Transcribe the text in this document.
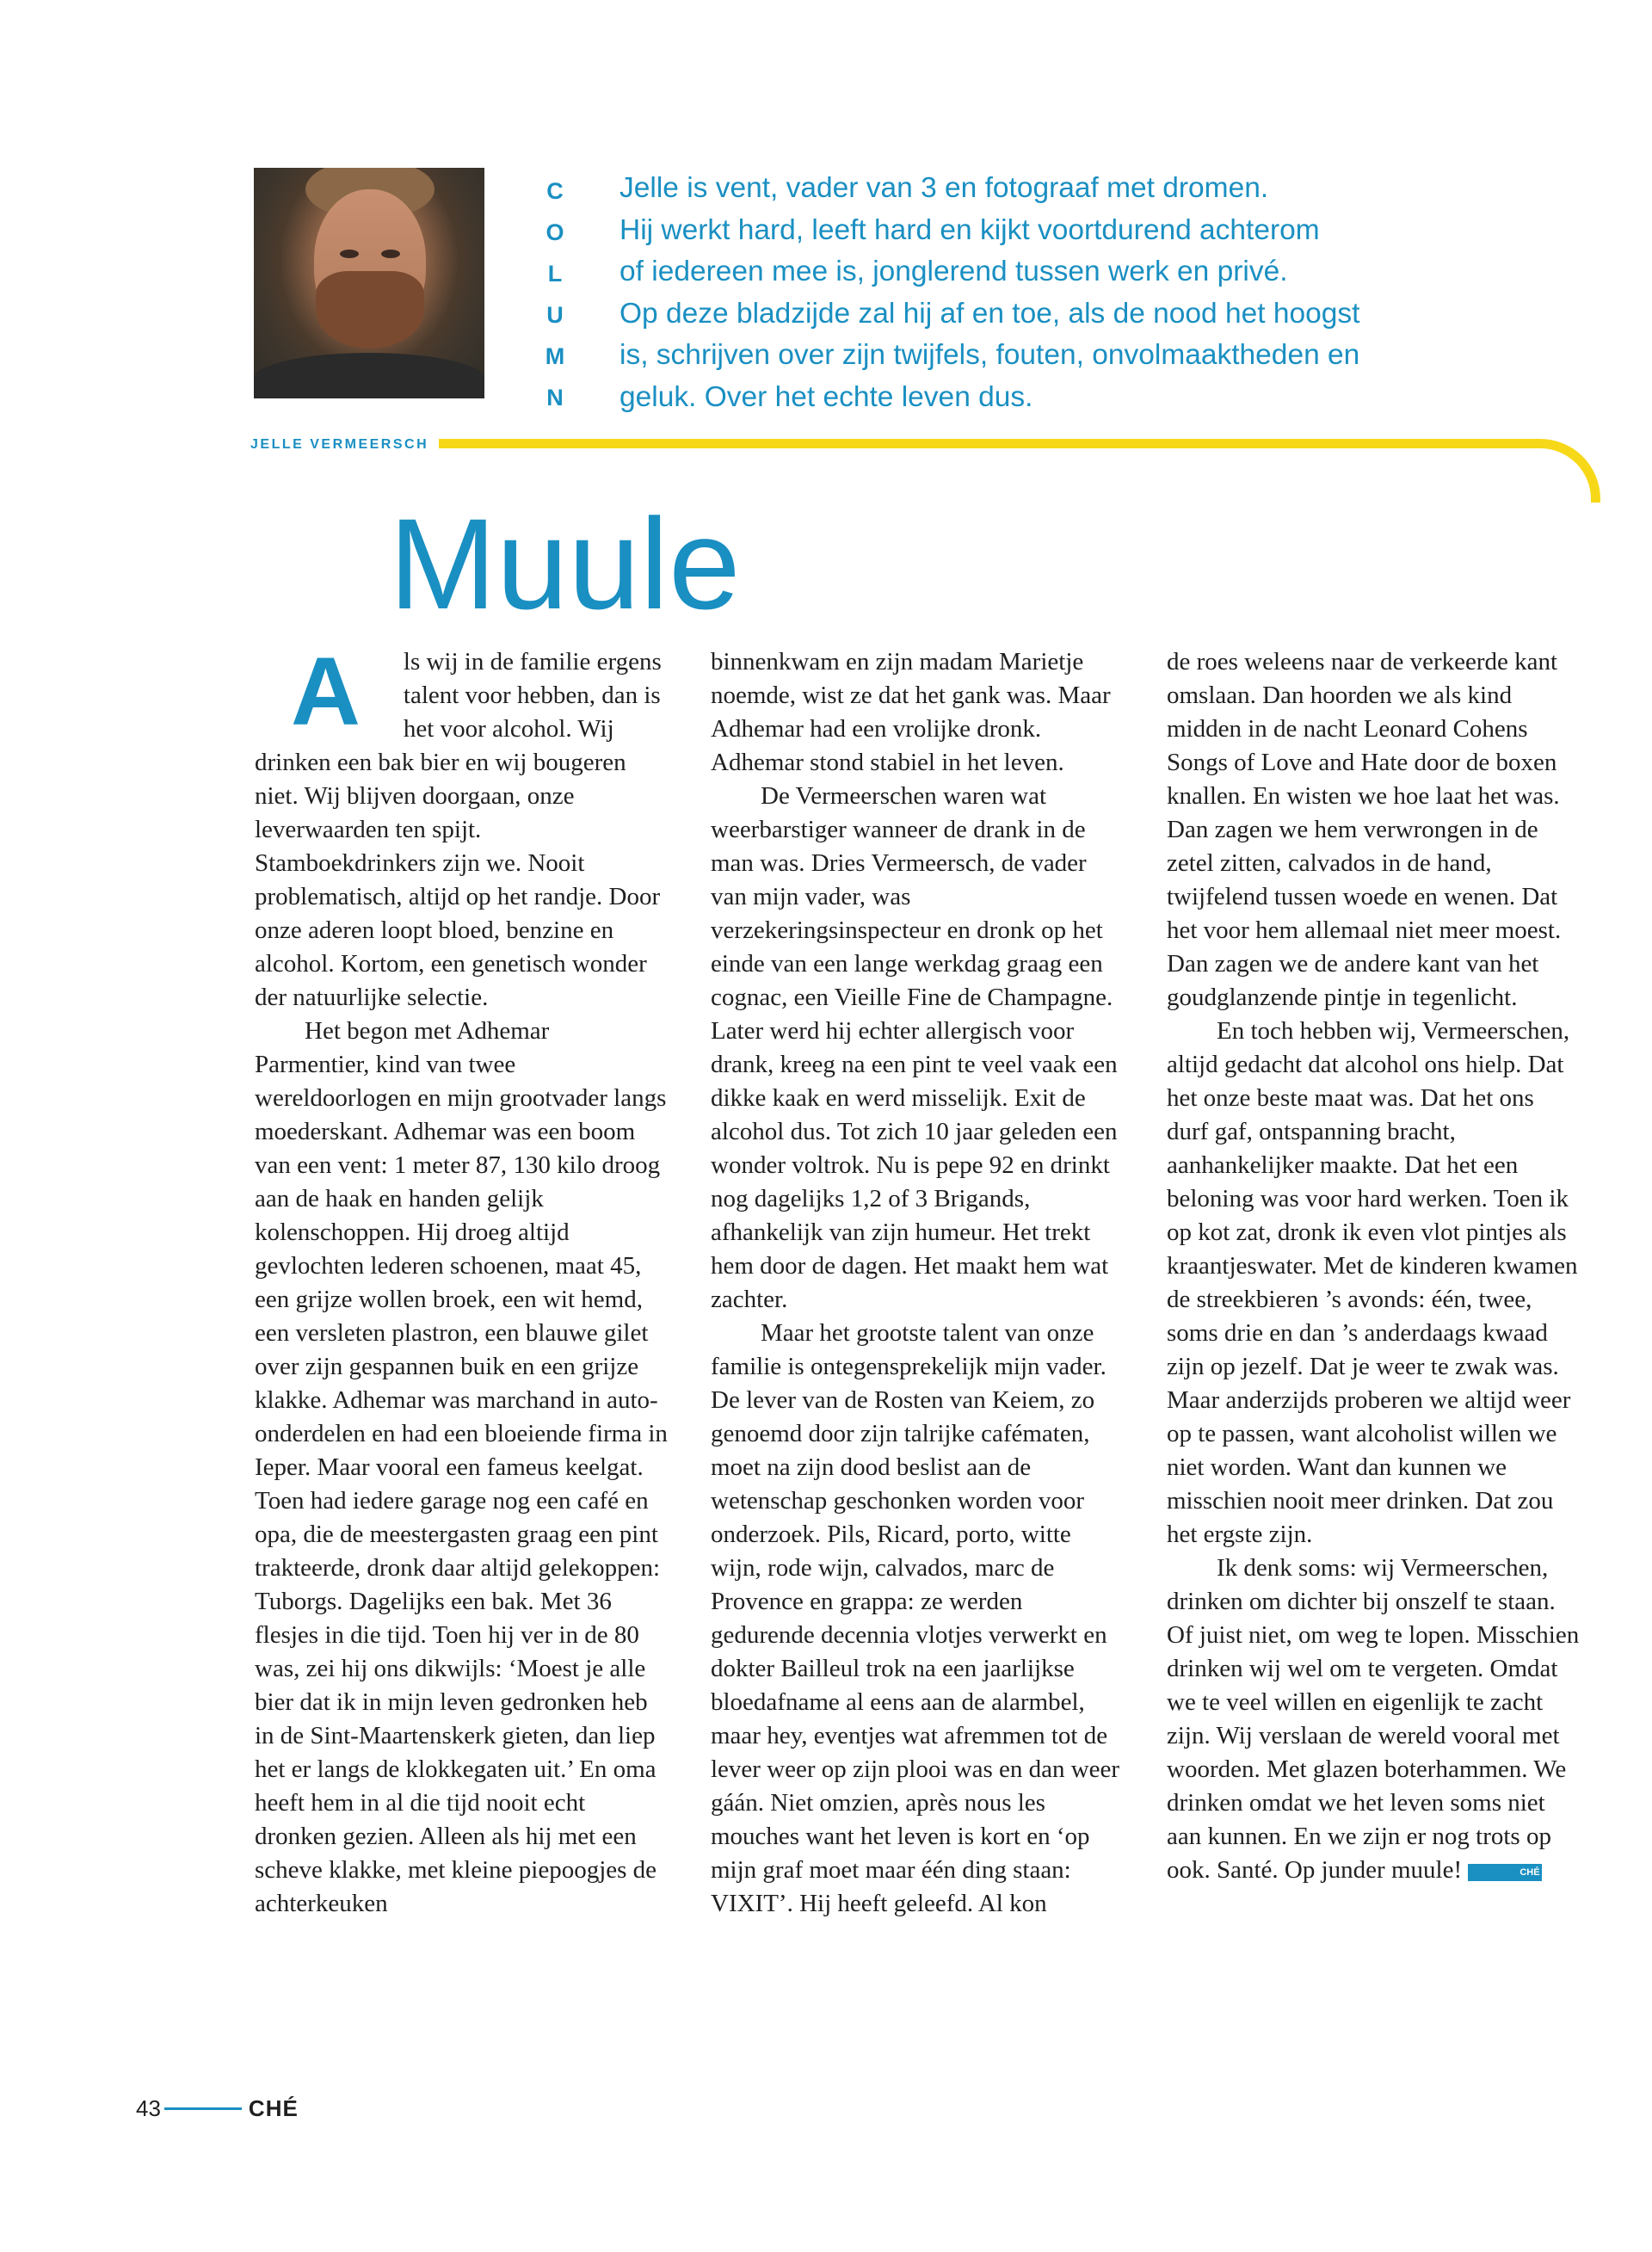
C
O
L
U
M
N
Jelle is vent, vader van 3 en fotograaf met dromen.
Hij werkt hard, leeft hard en kijkt voortdurend achterom
of iedereen mee is, jonglerend tussen werk en privé.
Op deze bladzijde zal hij af en toe, als de nood het hoogst
is, schrijven over zijn twijfels, fouten, onvolmaaktheden en
geluk. Over het echte leven dus.
JELLE VERMEERSCH
Muule

A ls wij in de familie ergens talent voor hebben, dan is het voor alcohol. Wij drinken een bak bier en wij bougeren niet. Wij blijven doorgaan, onze leverwaarden ten spijt. Stamboekdrinkers zijn we. Nooit problematisch, altijd op het randje. Door onze aderen loopt bloed, benzine en alcohol. Kortom, een genetisch wonder der natuurlijke selectie.

Het begon met Adhemar Parmentier, kind van twee wereldoorlogen en mijn grootvader langs moederskant. Adhemar was een boom van een vent: 1 meter 87, 130 kilo droog aan de haak en handen gelijk kolenschoppen. Hij droeg altijd gevlochten lederen schoenen, maat 45, een grijze wollen broek, een wit hemd, een versleten plastron, een blauwe gilet over zijn gespannen buik en een grijze klakke. Adhemar was marchand in auto-onderdelen en had een bloeiende firma in Ieper. Maar vooral een fameus keelgat. Toen had iedere garage nog een café en opa, die de meestergasten graag een pint trakteerde, dronk daar altijd gelekoppen: Tuborgs. Dagelijks een bak. Met 36 flesjes in die tijd. Toen hij ver in de 80 was, zei hij ons dikwijls: ‘Moest je alle bier dat ik in mijn leven gedronken heb in de Sint-Maartenskerk gieten, dan liep het er langs de klokkegaten uit.’ En oma heeft hem in al die tijd nooit echt dronken gezien. Alleen als hij met een scheve klakke, met kleine piepoogjes de achterkeuken

binnenkwam en zijn madam Marietje noemde, wist ze dat het gank was. Maar Adhemar had een vrolijke dronk. Adhemar stond stabiel in het leven.

De Vermeerschen waren wat weerbarstiger wanneer de drank in de man was. Dries Vermeersch, de vader van mijn vader, was verzekeringsinspecteur en dronk op het einde van een lange werkdag graag een cognac, een Vieille Fine de Champagne. Later werd hij echter allergisch voor drank, kreeg na een pint te veel vaak een dikke kaak en werd misselijk. Exit de alcohol dus. Tot zich 10 jaar geleden een wonder voltrok. Nu is pepe 92 en drinkt nog dagelijks 1,2 of 3 Brigands, afhankelijk van zijn humeur. Het trekt hem door de dagen. Het maakt hem wat zachter.

Maar het grootste talent van onze familie is ontegensprekelijk mijn vader. De lever van de Rosten van Keiem, zo genoemd door zijn talrijke cafématen, moet na zijn dood beslist aan de wetenschap geschonken worden voor onderzoek. Pils, Ricard, porto, witte wijn, rode wijn, calvados, marc de Provence en grappa: ze werden gedurende decennia vlotjes verwerkt en dokter Bailleul trok na een jaarlijkse bloedafname al eens aan de alarmbel, maar hey, eventjes wat afremmen tot de lever weer op zijn plooi was en dan weer gáán. Niet omzien, après nous les mouches want het leven is kort en ‘op mijn graf moet maar één ding staan: VIXIT’. Hij heeft geleefd. Al kon

de roes weleens naar de verkeerde kant omslaan. Dan hoorden we als kind midden in de nacht Leonard Cohens Songs of Love and Hate door de boxen knallen. En wisten we hoe laat het was. Dan zagen we hem verwrongen in de zetel zitten, calvados in de hand, twijfelend tussen woede en wenen. Dat het voor hem allemaal niet meer moest. Dan zagen we de andere kant van het goudglanzende pintje in tegenlicht.

En toch hebben wij, Vermeerschen, altijd gedacht dat alcohol ons hielp. Dat het onze beste maat was. Dat het ons durf gaf, ontspanning bracht, aanhankelijker maakte. Dat het een beloning was voor hard werken. Toen ik op kot zat, dronk ik even vlot pintjes als kraantjeswater. Met de kinderen kwamen de streekbieren ’s avonds: één, twee, soms drie en dan ’s anderdaags kwaad zijn op jezelf. Dat je weer te zwak was. Maar anderzijds proberen we altijd weer op te passen, want alcoholist willen we niet worden. Want dan kunnen we misschien nooit meer drinken. Dat zou het ergste zijn.

Ik denk soms: wij Vermeerschen, drinken om dichter bij onszelf te staan. Of juist niet, om weg te lopen. Misschien drinken wij wel om te vergeten. Omdat we te veel willen en eigenlijk te zacht zijn. Wij verslaan de wereld vooral met woorden. Met glazen boterhammen. We drinken omdat we het leven soms niet aan kunnen. En we zijn er nog trots op ook. Santé. Op junder muule!	CHÉ

43	CHÉ
